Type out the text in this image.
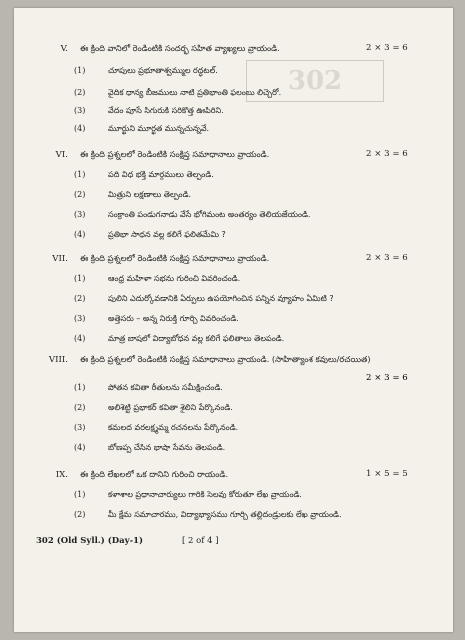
302
V. ఈ క్రింది వానిలో రెండింటికి సందర్భ సహిత వ్యాఖ్యలు వ్రాయండి.	2 × 3 = 6
(1)	చూపులు ప్రభూతాశ్వమ్ముల రద్ధటల్.
(2)	వైదిక ధాన్య బీజములు నాటి ప్రతిభాంతి ఫలంబు లిచ్చెరో.
(3)	వేదం పూసే సిగురుకి సరికొత్త ఊపిరిని.
(4)	మూర్ఖుని మూర్ఖత మున్నచున్నవే.
VI. ఈ క్రింది ప్రశ్నలలో రెండింటికి సంక్షిప్త సమాధానాలు వ్రాయండి.	2 × 3 = 6
(1)	పది విధ భక్తి మార్గములు తెల్పండి.
(2)	మిత్రుని లక్షణాలు తెల్పండి.
(3)	సంక్రాంతి పండుగనాడు వేసే భోగిమంట అంతర్యం తెలియజేయండి.
(4)	ప్రతిభా సాధన వల్ల కలిగే ఫలితమేమి ?
VII. ఈ క్రింది ప్రశ్నలలో రెండింటికి సంక్షిప్త సమాధానాలు వ్రాయండి.	2 × 3 = 6
(1)	ఆంధ్ర మహిళా సభను గురించి వివరించండి.
(2)	పులిని ఎదుర్కోవడానికి ఏర్పులు ఉపయోగించిన పన్నిన వ్యూహం ఏమిటి ?
(3)	అత్తెసరు – అన్న నిరుక్తి గూర్చి వివరించండి.
(4)	మాత్ర బాషలో విద్యాబోధన వల్ల కలిగే ఫలితాలు తెలపండి.
VIII. ఈ క్రింది ప్రశ్నలలో రెండింటికి సంక్షిప్త సమాధానాలు వ్రాయండి. (సాహిత్యాంశ కవులు/రచయిత)
2 × 3 = 6
(1)	పోతన కవితా రీతులను సమీక్షించండి.
(2)	అలిశెట్టి ప్రభాకర్ కవితా శైలిని పేర్కొనండి.
(3)	కమలద వరలక్ష్మమ్మ రచనలను పేర్కొనండి.
(4)	బోణప్ప చేసిన భాషా సేవను తెలపండి.
IX. ఈ క్రింది లేఖలలో ఒక దానిని గురించి రాయండి.	1 × 5 = 5
(1)	కళాశాల ప్రధానాచార్యులు గారికి సెలవు కోరుతూ లేఖ వ్రాయండి.
(2)	మీ క్షేమ సమాచారము, విద్యాభ్యాసము గూర్చి తల్లిదండ్రులకు లేఖ వ్రాయండి.
302 (Old Syll.) (Day-1)	[ 2 of 4 ]
